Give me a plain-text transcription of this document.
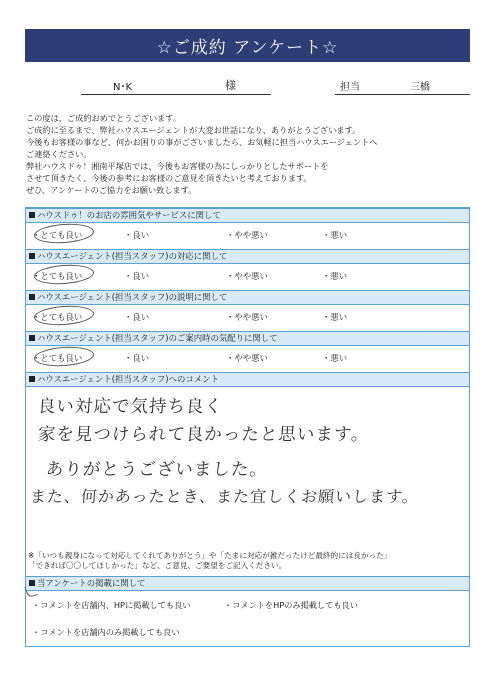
☆ご成約 アンケート☆
N･K	様	担当	三橋
この度は、ご成約おめでとうございます。
ご成約に至るまで、弊社ハウスエージェントが大変お世話になり、ありがとうございます。
今後もお客様の事など、何かお困りの事がございましたら、お気軽に担当ハウスエージェントへ
ご連絡ください。
弊社ハウスドゥ！湘南平塚店では、今後もお客様の為にしっかりとしたサポートを
させて頂きたく、今後の参考にお客様のご意見を頂きたいと考えております。
ぜひ、アンケートのご協力をお願い致します。
ハウスドゥ！のお店の雰囲気やサービスに関して
・とても良い	・良い	・やや悪い	・悪い
ハウスエージェント(担当スタッフ)の対応に関して
・とても良い	・良い	・やや悪い	・悪い
ハウスエージェント(担当スタッフ)の説明に関して
・とても良い	・良い	・やや悪い	・悪い
ハウスエージェント(担当スタッフ)のご案内時の気配りに関して
・とても良い	・良い	・やや悪い	・悪い
ハウスエージェント(担当スタッフ)へのコメント
良い対応で気持ち良く
家を見つけられて良かったと思います。
ありがとうございました。
また、何かあったとき、また宜しくお願いします。
※「いつも親身になって対応してくれてありがとう」や「たまに対応が雑だったけど最終的には良かった」
「できれば〇〇してほしかった」など、ご意見、ご要望をご記入ください。
当アンケートの掲載に関して
・コメントを店舗内、HPに掲載しても良い	・コメントをHPのみ掲載しても良い
・コメントを店舗内のみ掲載しても良い
